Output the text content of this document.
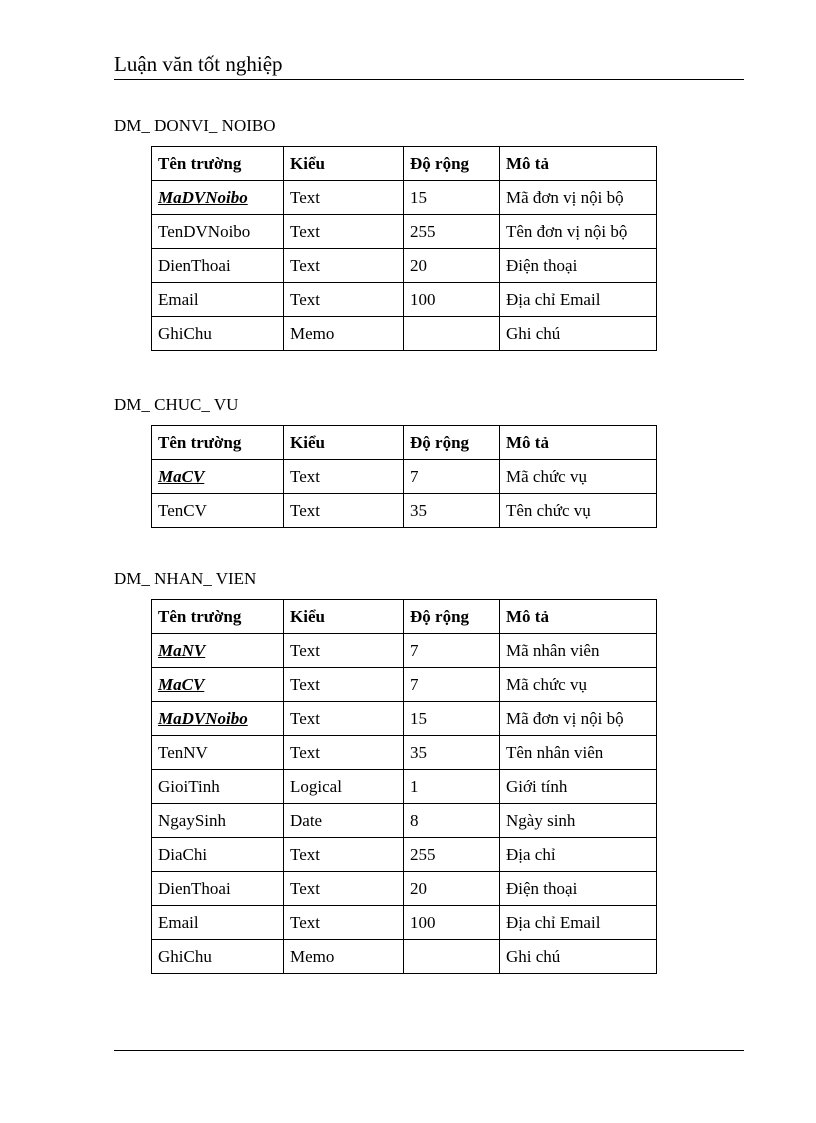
Luận văn tốt nghiệp
DM_ DONVI_ NOIBO
Tên trường	Kiểu	Độ rộng	Mô tả
MaDVNoibo	Text	15	Mã đơn vị nội bộ
TenDVNoibo	Text	255	Tên đơn vị nội bộ
DienThoai	Text	20	Điện thoại
Email	Text	100	Địa chỉ Email
GhiChu	Memo		Ghi chú
DM_ CHUC_ VU
Tên trường	Kiểu	Độ rộng	Mô tả
MaCV	Text	7	Mã chức vụ
TenCV	Text	35	Tên chức vụ
DM_ NHAN_ VIEN
Tên trường	Kiểu	Độ rộng	Mô tả
MaNV	Text	7	Mã nhân viên
MaCV	Text	7	Mã chức vụ
MaDVNoibo	Text	15	Mã đơn vị nội bộ
TenNV	Text	35	Tên nhân viên
GioiTinh	Logical	1	Giới tính
NgaySinh	Date	8	Ngày sinh
DiaChi	Text	255	Địa chỉ
DienThoai	Text	20	Điện thoại
Email	Text	100	Địa chỉ Email
GhiChu	Memo		Ghi chú
